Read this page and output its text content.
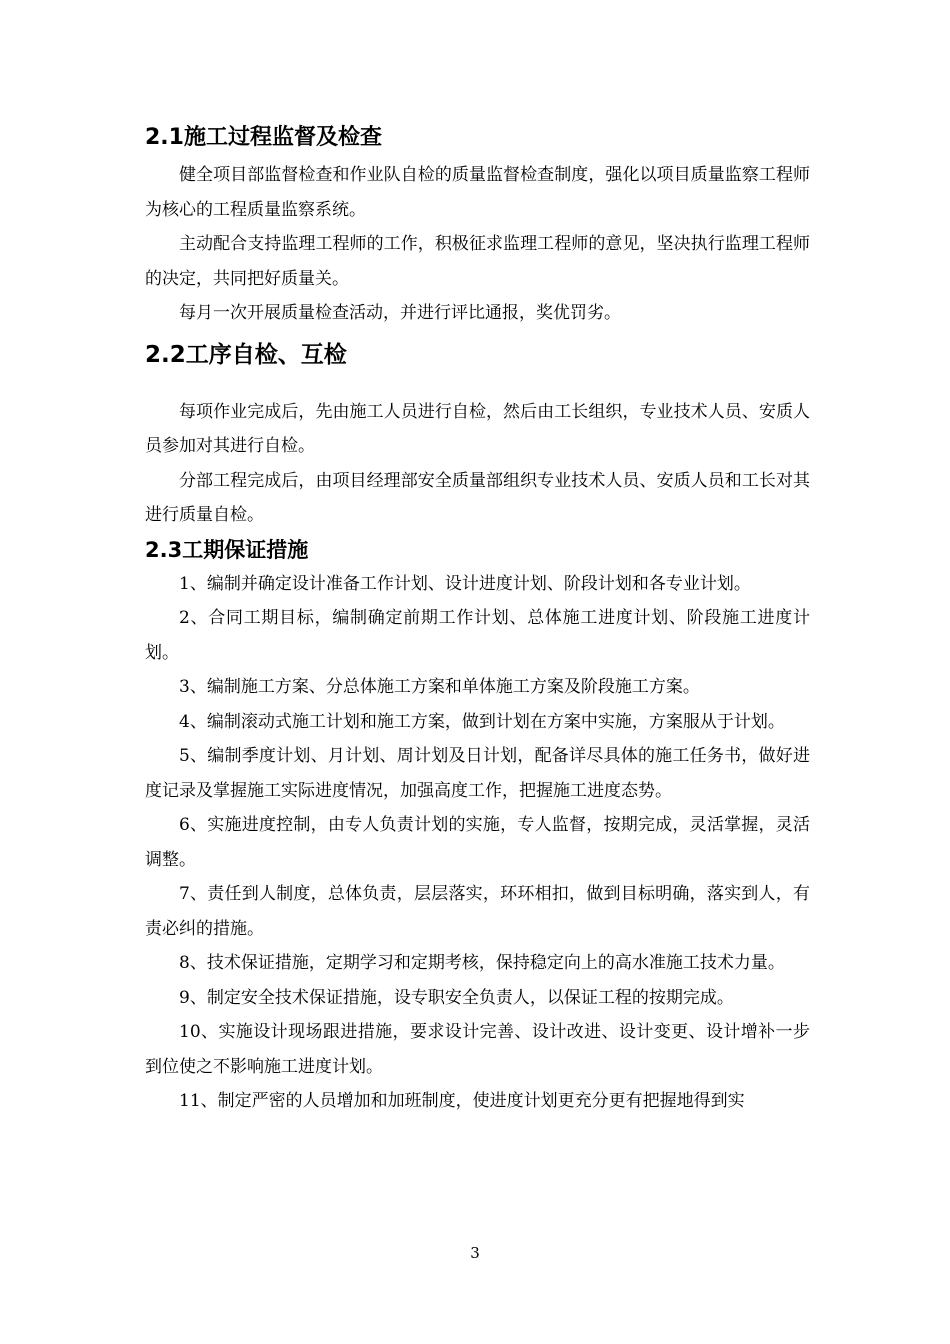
2.1施工过程监督及检查

健全项目部监督检查和作业队自检的质量监督检查制度，强化以项目质量监察工程师为核心的工程质量监察系统。

主动配合支持监理工程师的工作，积极征求监理工程师的意见，坚决执行监理工程师的决定，共同把好质量关。

每月一次开展质量检查活动，并进行评比通报，奖优罚劣。

2.2工序自检、互检

每项作业完成后，先由施工人员进行自检，然后由工长组织，专业技术人员、安质人员参加对其进行自检。

分部工程完成后，由项目经理部安全质量部组织专业技术人员、安质人员和工长对其进行质量自检。

2.3工期保证措施

1、编制并确定设计准备工作计划、设计进度计划、阶段计划和各专业计划。

2、合同工期目标，编制确定前期工作计划、总体施工进度计划、阶段施工进度计划。

3、编制施工方案、分总体施工方案和单体施工方案及阶段施工方案。

4、编制滚动式施工计划和施工方案，做到计划在方案中实施，方案服从于计划。

5、编制季度计划、月计划、周计划及日计划，配备详尽具体的施工任务书，做好进度记录及掌握施工实际进度情况，加强高度工作，把握施工进度态势。

6、实施进度控制，由专人负责计划的实施，专人监督，按期完成，灵活掌握，灵活调整。

7、责任到人制度，总体负责，层层落实，环环相扣，做到目标明确，落实到人，有责必纠的措施。

8、技术保证措施，定期学习和定期考核，保持稳定向上的高水准施工技术力量。

9、制定安全技术保证措施，设专职安全负责人，以保证工程的按期完成。

10、实施设计现场跟进措施，要求设计完善、设计改进、设计变更、设计增补一步到位使之不影响施工进度计划。

11、制定严密的人员增加和加班制度，使进度计划更充分更有把握地得到实

3
